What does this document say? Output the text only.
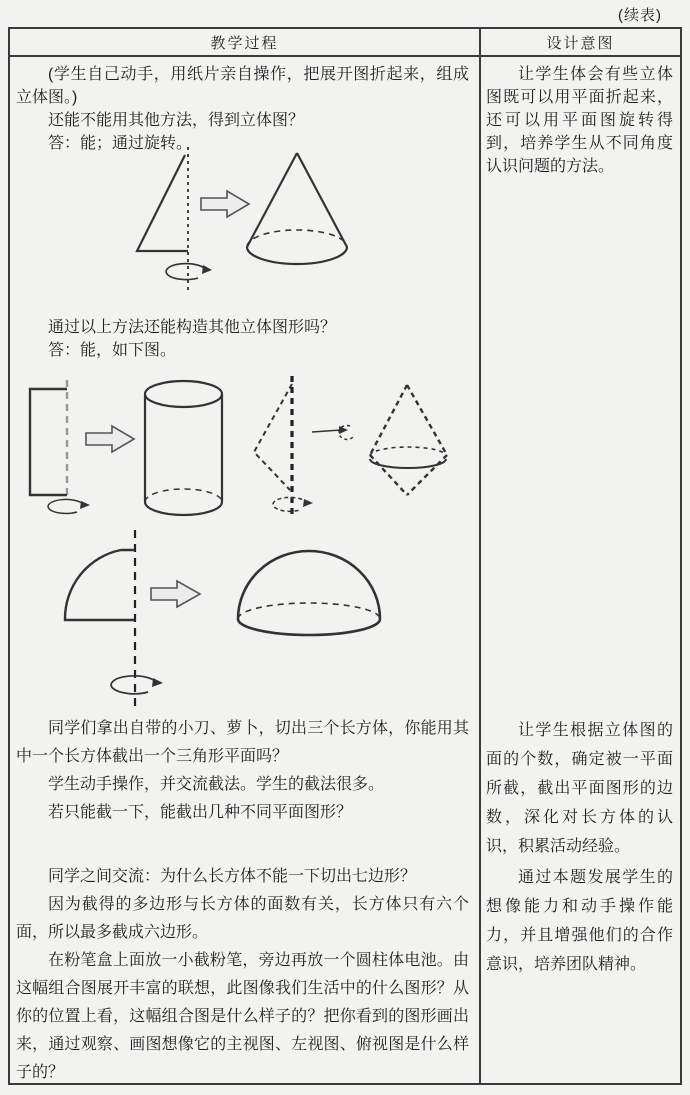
(续表)
教学过程	设计意图

(学生自己动手，用纸片亲自操作，把展开图折起来，组成立体图。)

还能不能用其他方法，得到立体图？

答：能；通过旋转。

通过以上方法还能构造其他立体图形吗？

答：能，如下图。

同学们拿出自带的小刀、萝卜，切出三个长方体，你能用其中一个长方体截出一个三角形平面吗？

学生动手操作，并交流截法。学生的截法很多。

若只能截一下，能截出几种不同平面图形？

同学之间交流：为什么长方体不能一下切出七边形？

因为截得的多边形与长方体的面数有关，长方体只有六个面，所以最多截成六边形。

在粉笔盒上面放一小截粉笔，旁边再放一个圆柱体电池。由这幅组合图展开丰富的联想，此图像我们生活中的什么图形？从你的位置上看，这幅组合图是什么样子的？把你看到的图形画出来，通过观察、画图想像它的主视图、左视图、俯视图是什么样子的？

让学生体会有些立体图既可以用平面折起来，还可以用平面图旋转得到，培养学生从不同角度认识问题的方法。

让学生根据立体图的面的个数，确定被一平面所截，截出平面图形的边数，深化对长方体的认识，积累活动经验。

通过本题发展学生的想像能力和动手操作能力，并且增强他们的合作意识，培养团队精神。
